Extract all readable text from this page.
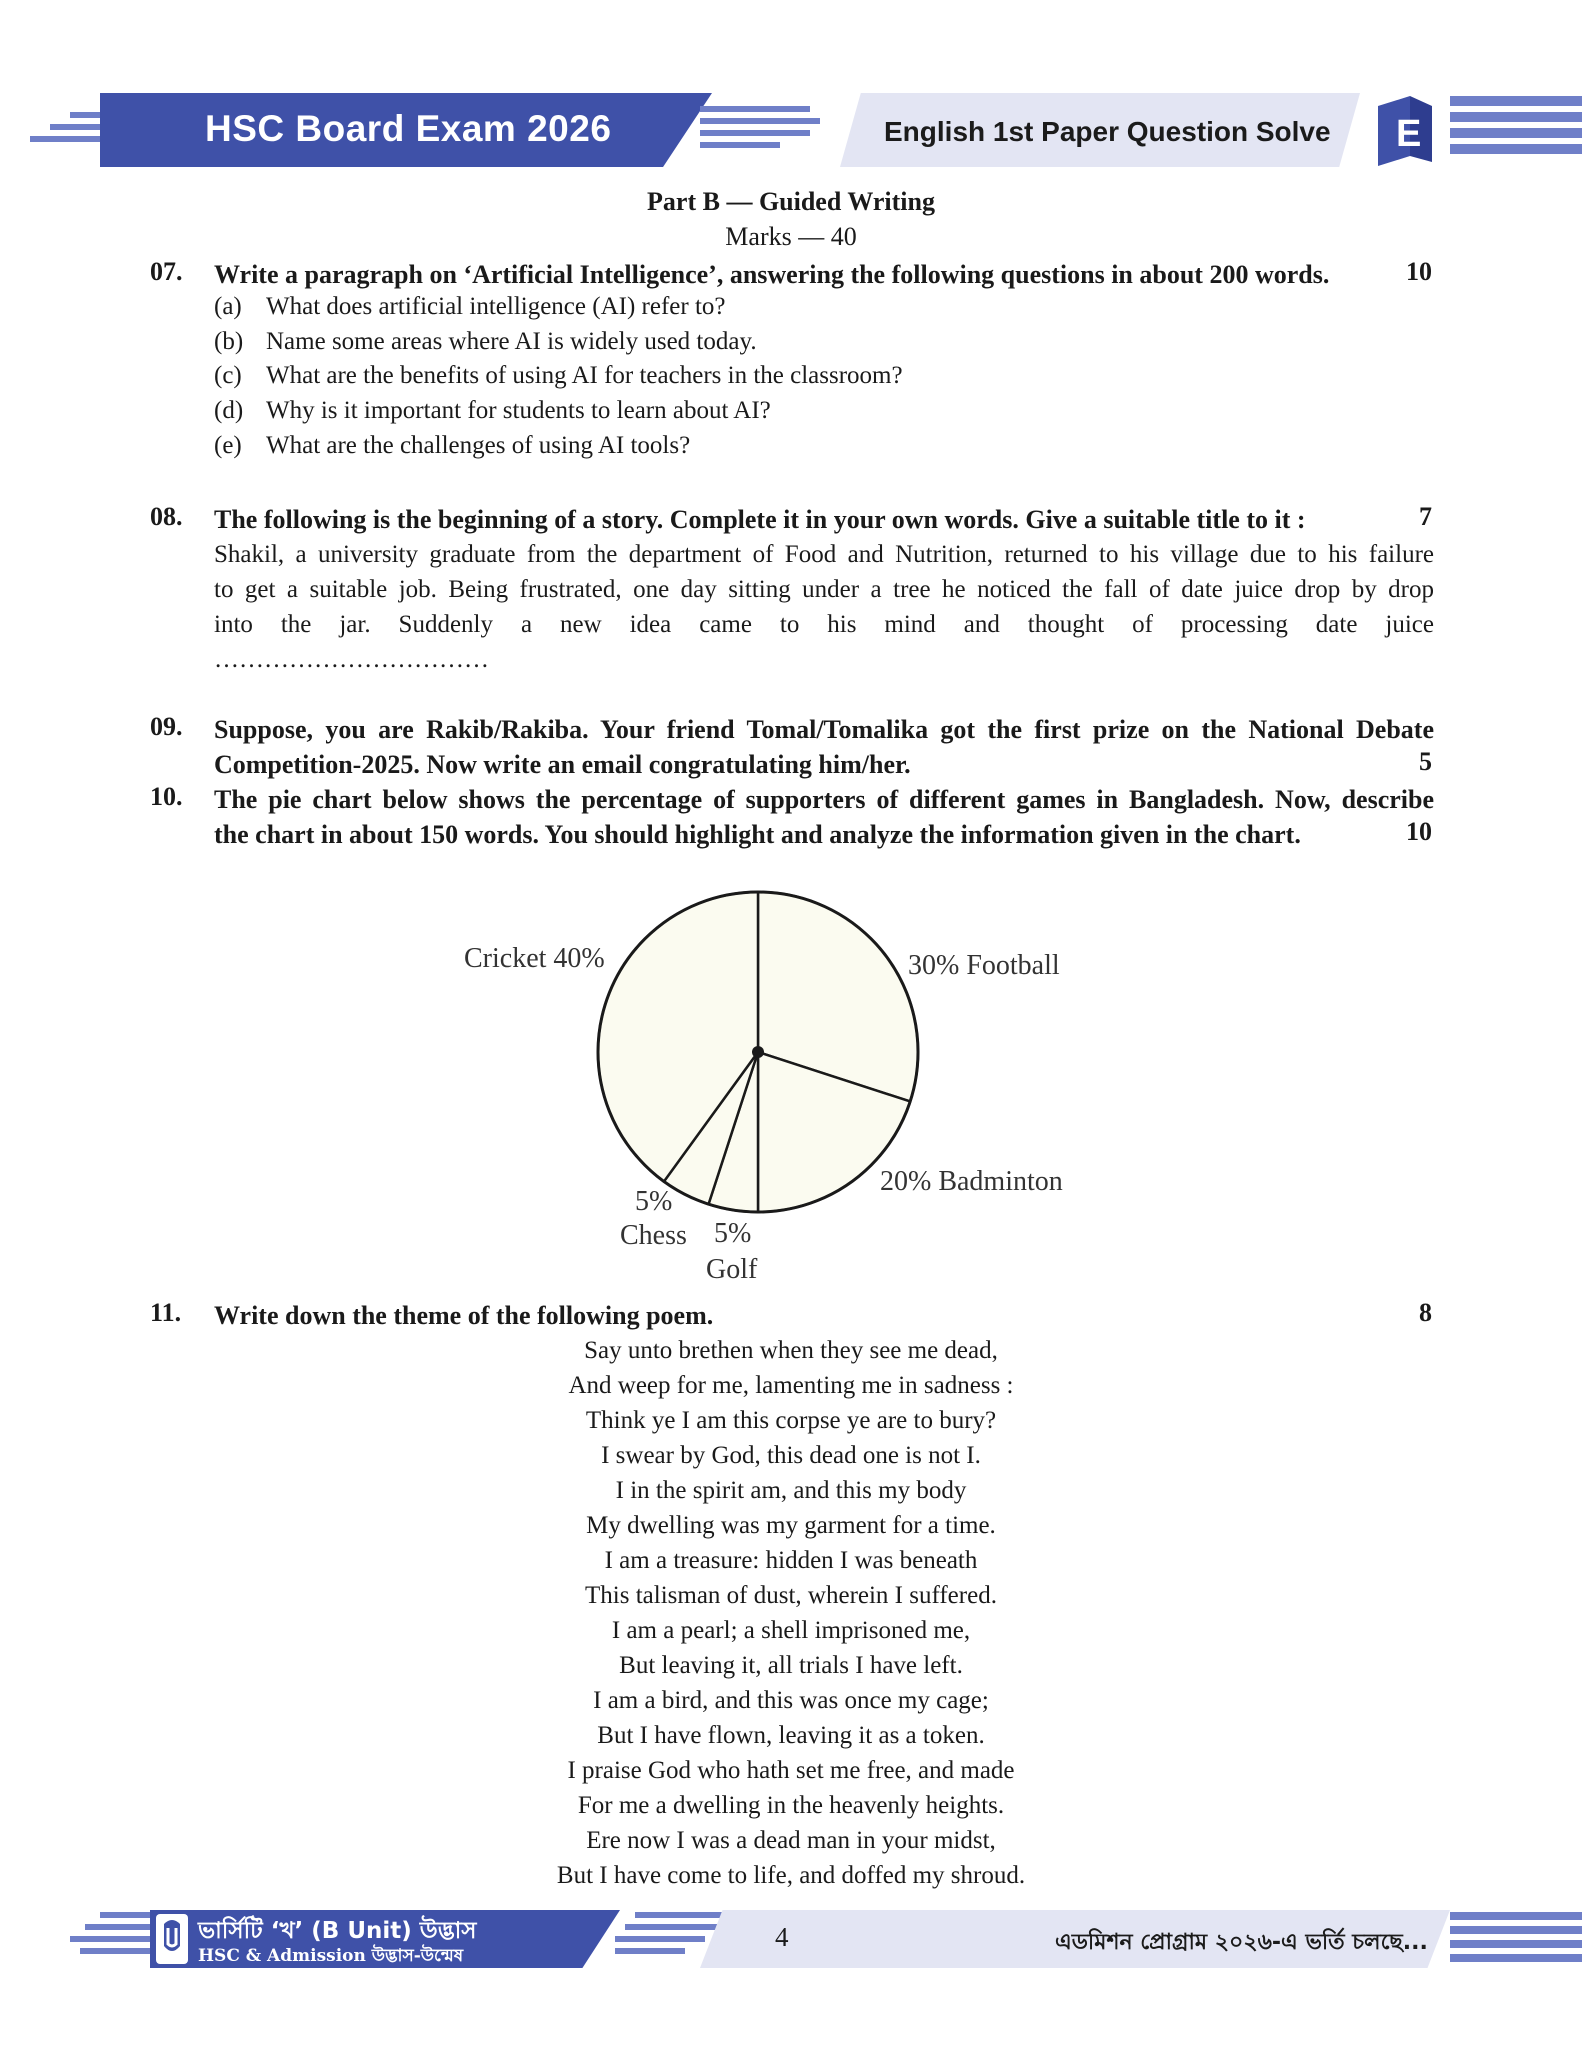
HSC Board Exam 2026	English 1st Paper Question Solve E
Part B — Guided Writing
Marks — 40
07. Write a paragraph on ‘Artificial Intelligence’, answering the following questions in about 200 words.	10
(a) What does artificial intelligence (AI) refer to?
(b) Name some areas where AI is widely used today.
(c) What are the benefits of using AI for teachers in the classroom?
(d) Why is it important for students to learn about AI?
(e) What are the challenges of using AI tools?
08. The following is the beginning of a story. Complete it in your own words. Give a suitable title to it :	7
Shakil, a university graduate from the department of Food and Nutrition, returned to his village due to his failure
to get a suitable job. Being frustrated, one day sitting under a tree he noticed the fall of date juice drop by drop
into the jar. Suddenly a new idea came to his mind and thought of processing date juice
……………………………
09. Suppose, you are Rakib/Rakiba. Your friend Tomal/Tomalika got the first prize on the National Debate
Competition-2025. Now write an email congratulating him/her.	5
10. The pie chart below shows the percentage of supporters of different games in Bangladesh. Now, describe
the chart in about 150 words. You should highlight and analyze the information given in the chart.	10
Cricket 40%	30% Football
20% Badminton
5%
Chess 5%
Golf
11. Write down the theme of the following poem.	8
Say unto brethen when they see me dead,
And weep for me, lamenting me in sadness :
Think ye I am this corpse ye are to bury?
I swear by God, this dead one is not I.
I in the spirit am, and this my body
My dwelling was my garment for a time.
I am a treasure: hidden I was beneath
This talisman of dust, wherein I suffered.
I am a pearl; a shell imprisoned me,
But leaving it, all trials I have left.
I am a bird, and this was once my cage;
But I have flown, leaving it as a token.
I praise God who hath set me free, and made
For me a dwelling in the heavenly heights.
Ere now I was a dead man in your midst,
But I have come to life, and doffed my shroud.
ভার্সিটি ‘খ’ (B Unit) উদ্ভাস
HSC & Admission উদ্ভাস-উন্মেষ
4	এডমিশন প্রোগ্রাম ২০২৬-এ ভর্তি চলছে...
